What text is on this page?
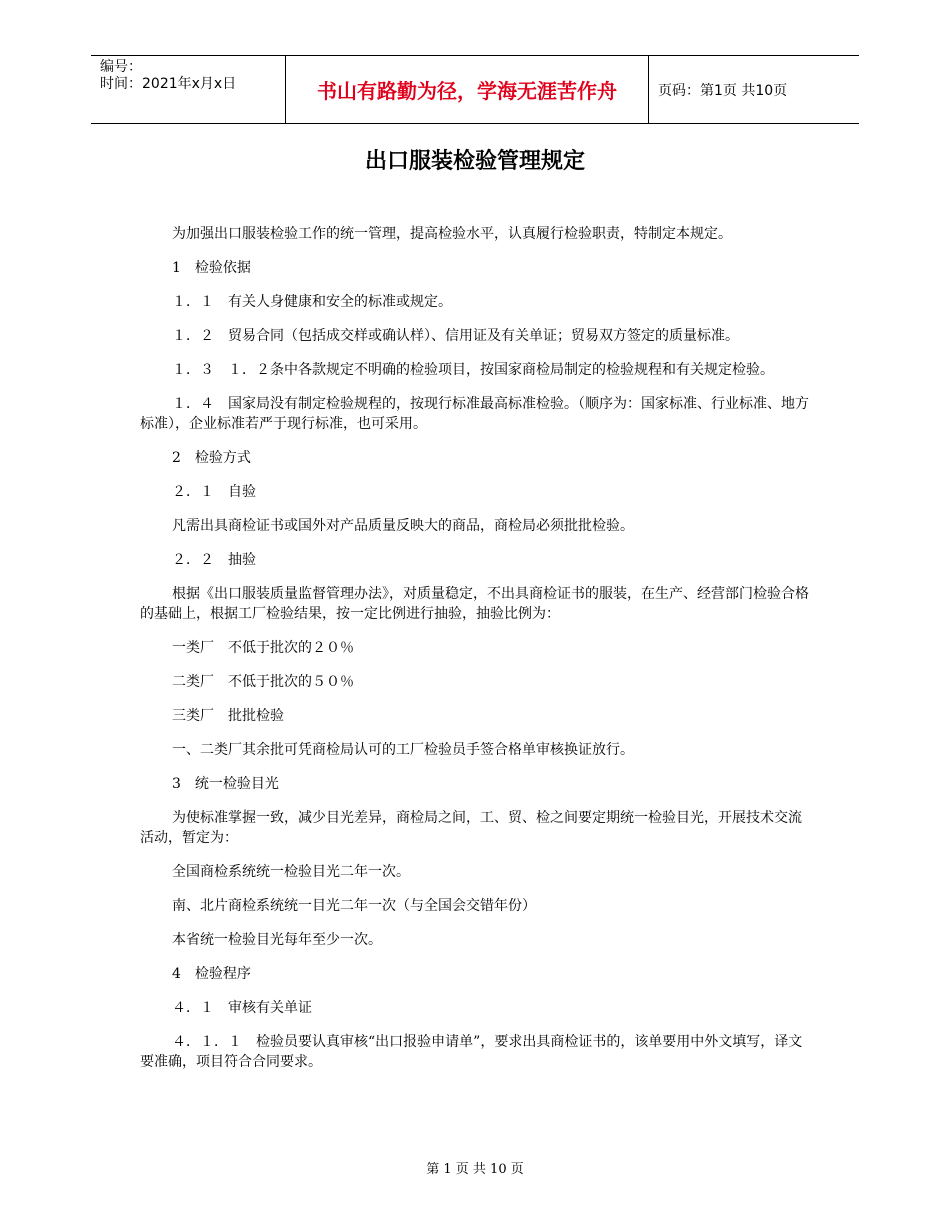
编号：
时间：2021年x月x日	书山有路勤为径，学海无涯苦作舟	页码：第1页 共10页
出口服装检验管理规定

为加强出口服装检验工作的统一管理，提高检验水平，认真履行检验职责，特制定本规定。

1　检验依据

１．１　有关人身健康和安全的标准或规定。

１．２　贸易合同（包括成交样或确认样）、信用证及有关单证；贸易双方签定的质量标准。

１．３　１．２条中各款规定不明确的检验项目，按国家商检局制定的检验规程和有关规定检验。

１．４　国家局没有制定检验规程的，按现行标准最高标准检验。（顺序为：国家标准、行业标准、地方标准），企业标准若严于现行标准，也可采用。

2　检验方式

２．１　自验

凡需出具商检证书或国外对产品质量反映大的商品，商检局必须批批检验。

２．２　抽验

根据《出口服装质量监督管理办法》，对质量稳定，不出具商检证书的服装，在生产、经营部门检验合格的基础上，根据工厂检验结果，按一定比例进行抽验，抽验比例为：

一类厂　不低于批次的２０％

二类厂　不低于批次的５０％

三类厂　批批检验

一、二类厂其余批可凭商检局认可的工厂检验员手签合格单审核换证放行。

3　统一检验目光

为使标准掌握一致，减少目光差异，商检局之间，工、贸、检之间要定期统一检验目光，开展技术交流活动，暂定为：

全国商检系统统一检验目光二年一次。

南、北片商检系统统一目光二年一次（与全国会交错年份）

本省统一检验目光每年至少一次。

4　检验程序

４．１　审核有关单证

４．１．１　检验员要认真审核“出口报验申请单”，要求出具商检证书的，该单要用中外文填写，译文要准确，项目符合合同要求。

第 1 页 共 10 页
